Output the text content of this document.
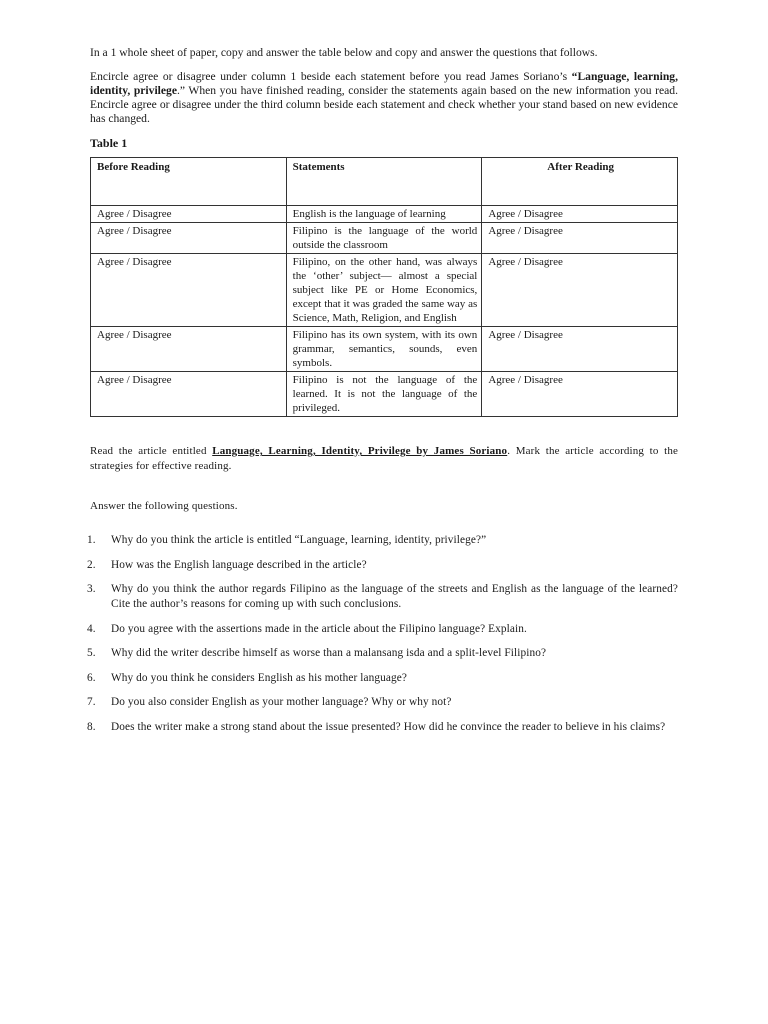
In a 1 whole sheet of paper, copy and answer the table below and copy and answer the questions that follows.

Encircle agree or disagree under column 1 beside each statement before you read James Soriano’s “Language, learning, identity, privilege.” When you have finished reading, consider the statements again based on the new information you read. Encircle agree or disagree under the third column beside each statement and check whether your stand based on new evidence has changed.

Table 1

Before Reading	Statements	After Reading
Agree / Disagree	English is the language of learning	Agree / Disagree
Agree / Disagree	Filipino is the language of the world outside the classroom	Agree / Disagree
Agree / Disagree	Filipino, on the other hand, was always the ‘other’ subject— almost a special subject like PE or Home Economics, except that it was graded the same way as Science, Math, Religion, and English	Agree / Disagree
Agree / Disagree	Filipino has its own system, with its own grammar, semantics, sounds, even symbols.	Agree / Disagree
Agree / Disagree	Filipino is not the language of the learned. It is not the language of the privileged.	Agree / Disagree

Read the article entitled Language, Learning, Identity, Privilege by James Soriano. Mark the article according to the strategies for effective reading.

Answer the following questions.

1. Why do you think the article is entitled “Language, learning, identity, privilege?”
2. How was the English language described in the article?
3. Why do you think the author regards Filipino as the language of the streets and English as the language of the learned? Cite the author’s reasons for coming up with such conclusions.
4. Do you agree with the assertions made in the article about the Filipino language? Explain.
5. Why did the writer describe himself as worse than a malansang isda and a split-level Filipino?
6. Why do you think he considers English as his mother language?
7. Do you also consider English as your mother language? Why or why not?
8. Does the writer make a strong stand about the issue presented? How did he convince the reader to believe in his claims?
